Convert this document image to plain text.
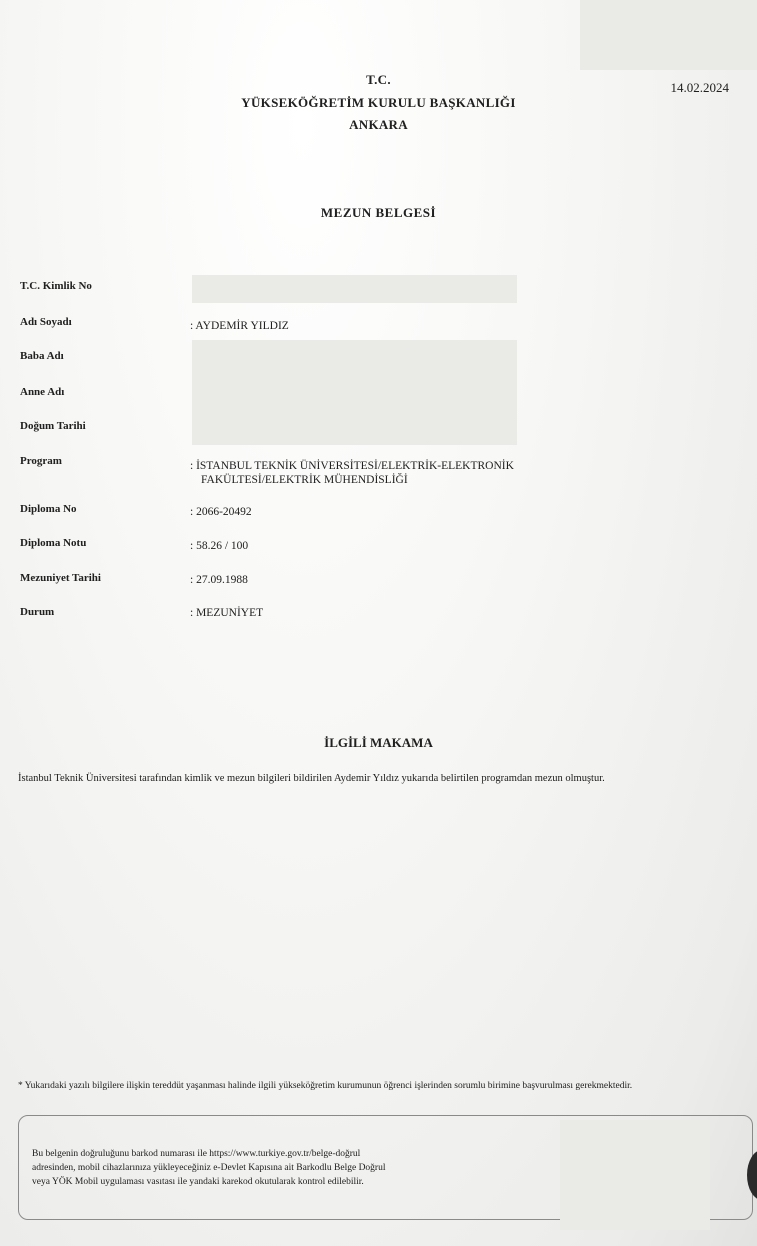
T.C.
YÜKSEKÖĞRETİM KURULU BAŞKANLIĞI
ANKARA
14.02.2024
MEZUN BELGESİ
T.C. Kimlik No
Adı Soyadı	: AYDEMİR YILDIZ
Baba Adı
Anne Adı
Doğum Tarihi
Program	: İSTANBUL TEKNİK ÜNİVERSİTESİ/ELEKTRİK-ELEKTRONİK
FAKÜLTESİ/ELEKTRİK MÜHENDİSLİĞİ
Diploma No	: 2066-20492
Diploma Notu	: 58.26 / 100
Mezuniyet Tarihi	: 27.09.1988
Durum	: MEZUNİYET
İLGİLİ MAKAMA
İstanbul Teknik Üniversitesi tarafından kimlik ve mezun bilgileri bildirilen Aydemir Yıldız yukarıda belirtilen programdan mezun olmuştur.
* Yukarıdaki yazılı bilgilere ilişkin tereddüt yaşanması halinde ilgili yükseköğretim kurumunun öğrenci işlerinden sorumlu birimine başvurulması gerekmektedir.
Bu belgenin doğruluğunu barkod numarası ile https://www.turkiye.gov.tr/belge-doğrul
adresinden, mobil cihazlarınıza yükleyeceğiniz e-Devlet Kapısına ait Barkodlu Belge Doğrul
veya YÖK Mobil uygulaması vasıtası ile yandaki karekod okutularak kontrol edilebilir.
